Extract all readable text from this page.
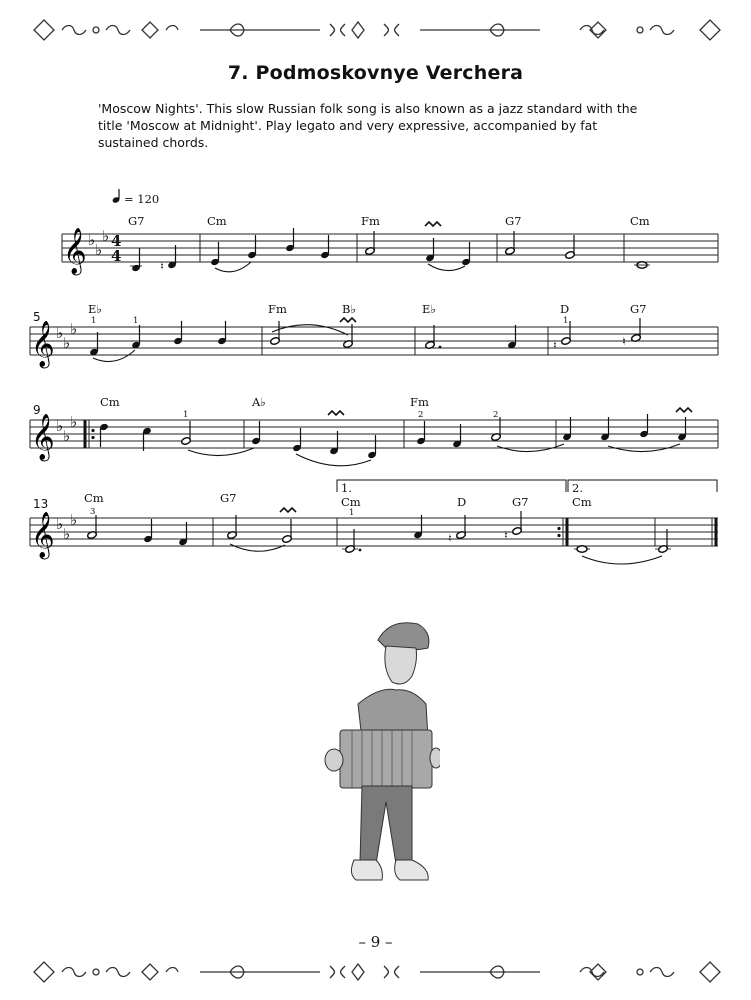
7. Podmoskovnye Verchera
'Moscow Nights'. This slow Russian folk song is also known as a jazz standard with the title 'Moscow at Midnight'. Play legato and very expressive, accompanied by fat sustained chords.
= 120
𝄞 ♭
♭
♭ 4
4
G7	Cm	Fm	G7	Cm
♮
5
𝄞 ♭
♭
♭
E♭	Fm	B♭	E♭	D	G7
1	1	1
♮	♮
9
𝄞 ♭
♭
♭
Cm	A♭	Fm
1	2	2
13
𝄞 ♭
♭
♭
1.	2.
Cm	G7	Cm	D	G7	Cm
3	1
♮	♮
– 9 –
